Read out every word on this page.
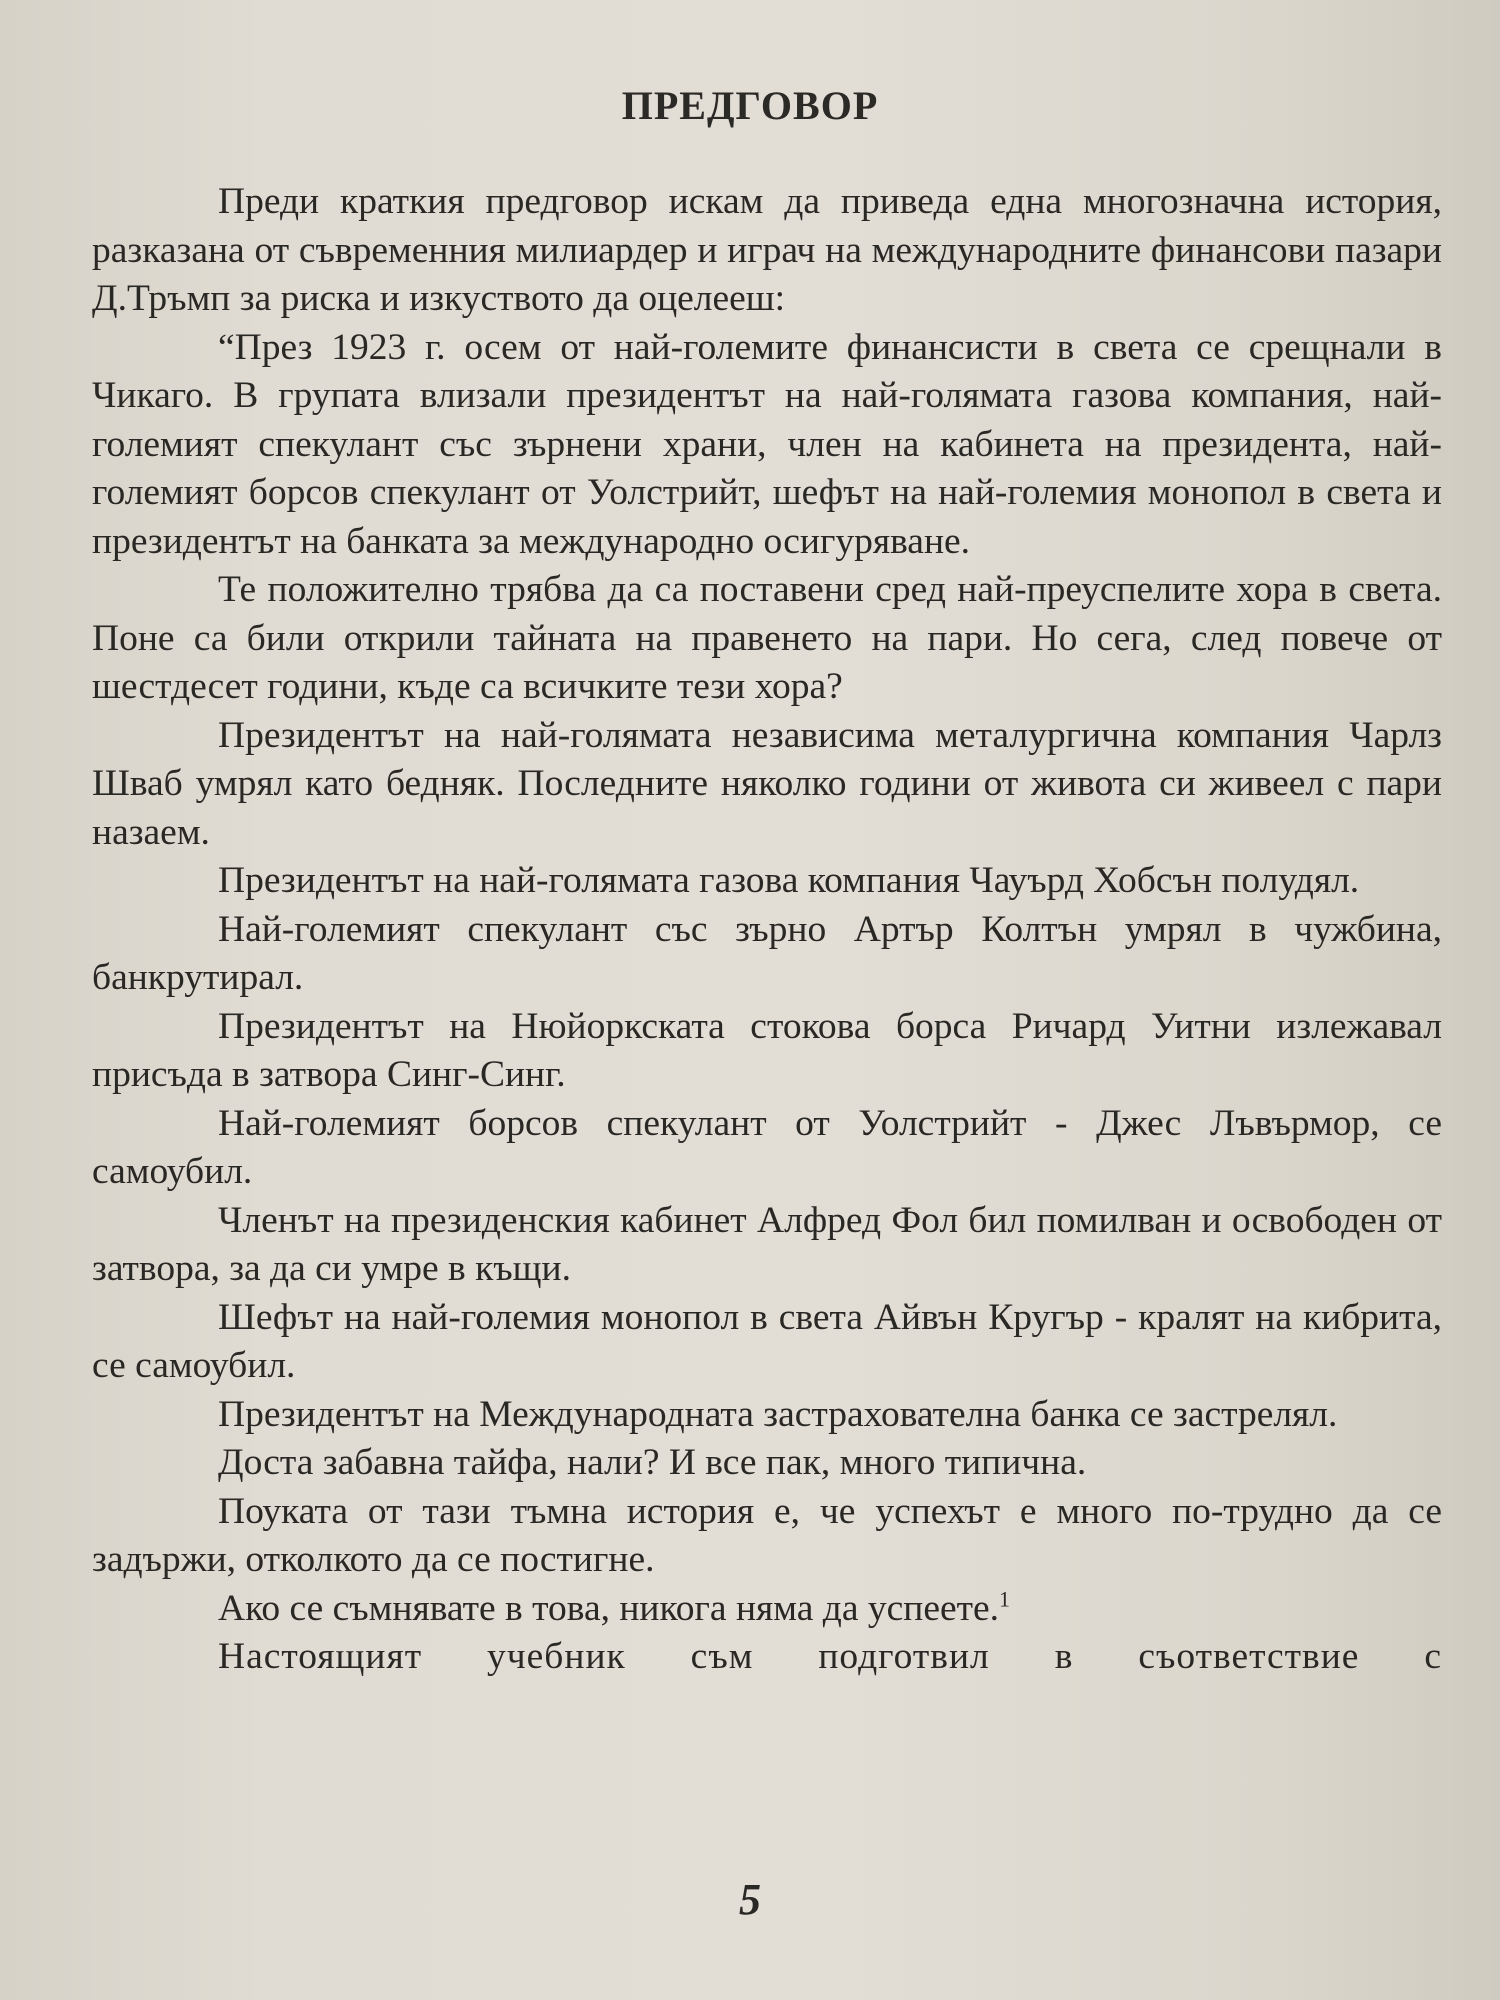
ПРЕДГОВОР

Преди краткия предговор искам да приведа една многозначна история, разказана от съвременния милиардер и играч на международните финансови пазари Д.Тръмп за риска и изкуството да оцелееш:

“През 1923 г. осем от най-големите финансисти в света се срещнали в Чикаго. В групата влизали президентът на най-голямата газова компания, най-големият спекулант със зърнени храни, член на кабинета на президента, най-големият борсов спекулант от Уолстрийт, шефът на най-големия монопол в света и президентът на банката за международно осигуряване.

Те положително трябва да са поставени сред най-преуспелите хора в света. Поне са били открили тайната на правенето на пари. Но сега, след повече от шестдесет години, къде са всичките тези хора?

Президентът на най-голямата независима металургична компания Чарлз Шваб умрял като бедняк. Последните няколко години от живота си живеел с пари назаем.

Президентът на най-голямата газова компания Чауърд Хобсън полудял.

Най-големият спекулант със зърно Артър Колтън умрял в чужбина, банкрутирал.

Президентът на Нюйоркската стокова борса Ричард Уитни излежавал присъда в затвора Синг-Синг.

Най-големият борсов спекулант от Уолстрийт - Джес Лъвърмор, се самоубил.

Членът на президенския кабинет Алфред Фол бил помилван и освободен от затвора, за да си умре в къщи.

Шефът на най-големия монопол в света Айвън Кругър - кралят на кибрита, се самоубил.

Президентът на Международната застрахователна банка се застрелял.

Доста забавна тайфа, нали? И все пак, много типична.

Поуката от тази тъмна история е, че успехът е много по-трудно да се задържи, отколкото да се постигне.

Ако се съмнявате в това, никога няма да успеете.$^1$

Настоящият учебник съм подготвил в съответствие с

5
